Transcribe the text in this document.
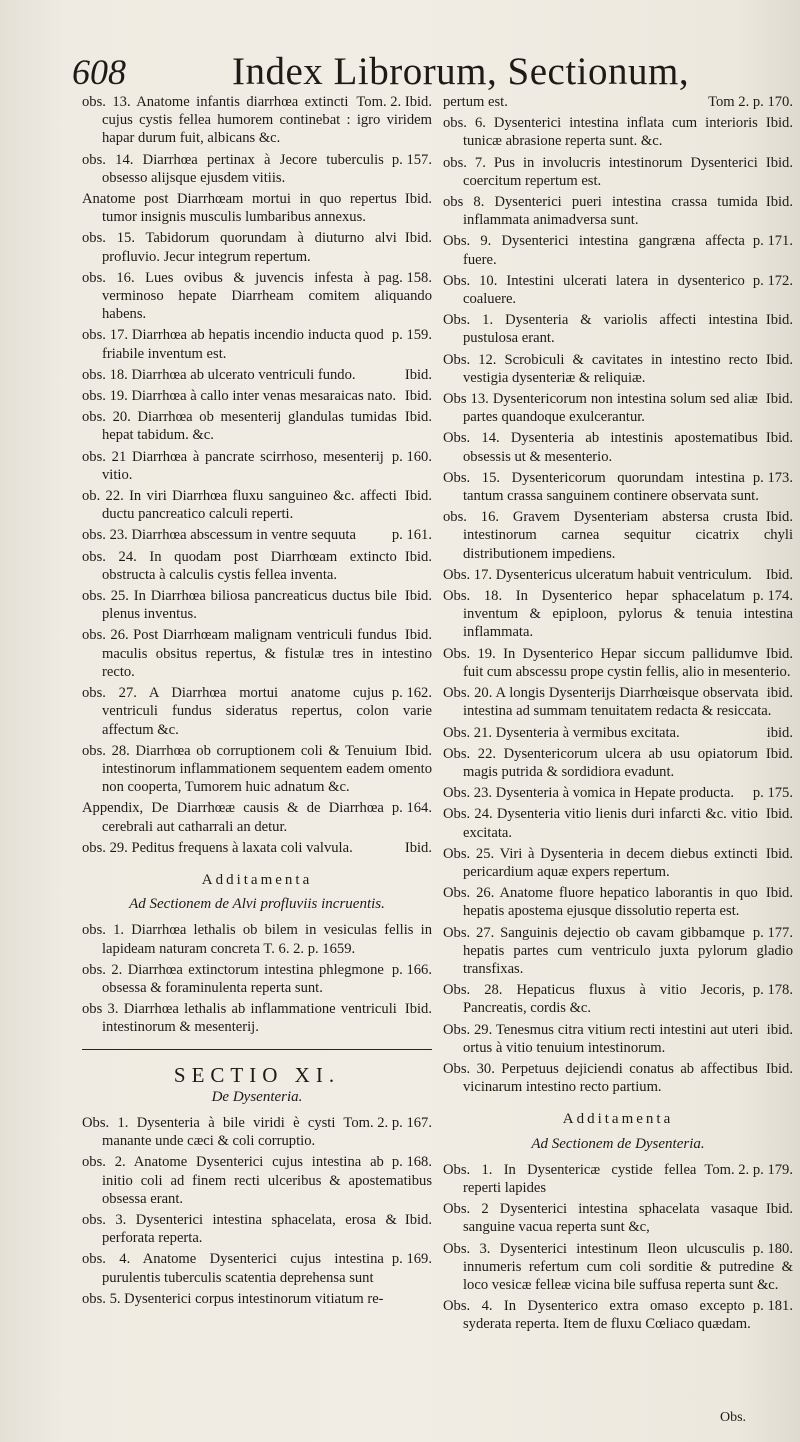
608	Index Librorum, Sectionum,
Tom. 2. Ibid.
obs. 13. Anatome infantis diarrhœa extincti cujus cystis fellea humorem continebat : igro viridem hapar durum fuit, albicans &c.
p. 157.
obs. 14. Diarrhœa pertinax à Jecore tuberculis obsesso alijsque ejusdem vitiis.
Ibid.
Anatome post Diarrhœam mortui in quo repertus tumor insignis musculis lumbaribus annexus.
Ibid.
obs. 15. Tabidorum quorundam à diuturno alvi profluvio. Jecur integrum repertum.
pag. 158.
obs. 16. Lues ovibus & juvencis infesta à verminoso hepate Diarrheam comitem aliquando habens.
p. 159.
obs. 17. Diarrhœa ab hepatis incendio inducta quod friabile inventum est.
Ibid.
obs. 18. Diarrhœa ab ulcerato ventriculi fundo.
Ibid.
obs. 19. Diarrhœa à callo inter venas mesaraicas nato.
Ibid.
obs. 20. Diarrhœa ob mesenterij glandulas tumidas hepat tabidum. &c.
p. 160.
obs. 21 Diarrhœa à pancrate scirrhoso, mesenterij vitio.
Ibid.
ob. 22. In viri Diarrhœa fluxu sanguineo &c. affecti ductu pancreatico calculi reperti.
p. 161.
obs. 23. Diarrhœa abscessum in ventre sequuta
Ibid.
obs. 24. In quodam post Diarrhœam extincto obstructa à calculis cystis fellea inventa.
Ibid.
obs. 25. In Diarrhœa biliosa pancreaticus ductus bile plenus inventus.
Ibid.
obs. 26. Post Diarrhœam malignam ventriculi fundus maculis obsitus repertus, & fistulæ tres in intestino recto.
p. 162.
obs. 27. A Diarrhœa mortui anatome cujus ventriculi fundus sideratus repertus, colon varie affectum &c.
Ibid.
obs. 28. Diarrhœa ob corruptionem coli & Tenuium intestinorum inflammationem sequentem eadem omento non cooperta, Tumorem huic adnatum &c.
p. 164.
Appendix, De Diarrhœæ causis & de Diarrhœa cerebrali aut catharrali an detur.
Ibid.
obs. 29. Peditus frequens à laxata coli valvula.
Additamenta
Ad Sectionem de Alvi profluviis incruentis.
obs. 1. Diarrhœa lethalis ob bilem in vesiculas fellis in lapideam naturam concreta T. 6. 2. p. 1659.
p. 166.
obs. 2. Diarrhœa extinctorum intestina phlegmone obsessa & foraminulenta reperta sunt.
Ibid.
obs 3. Diarrhœa lethalis ab inflammatione ventriculi intestinorum & mesenterij.
SECTIO XI.
De Dysenteria.
Tom. 2. p. 167.
Obs. 1. Dysenteria à bile viridi è cysti manante unde cæci & coli corruptio.
p. 168.
obs. 2. Anatome Dysenterici cujus intestina ab initio coli ad finem recti ulceribus & apostematibus obsessa erant.
Ibid.
obs. 3. Dysenterici intestina sphacelata, erosa & perforata reperta.
p. 169.
obs. 4. Anatome Dysenterici cujus intestina purulentis tuberculis scatentia deprehensa sunt
obs. 5. Dysenterici corpus intestinorum vitiatum re-
Tom 2. p. 170.
pertum est.
Ibid.
obs. 6. Dysenterici intestina inflata cum interioris tunicæ abrasione reperta sunt. &c.
Ibid.
obs. 7. Pus in involucris intestinorum Dysenterici coercitum repertum est.
Ibid.
obs 8. Dysenterici pueri intestina crassa tumida inflammata animadversa sunt.
p. 171.
Obs. 9. Dysenterici intestina gangræna affecta fuere.
p. 172.
Obs. 10. Intestini ulcerati latera in dysenterico coaluere.
Ibid.
Obs. 1. Dysenteria & variolis affecti intestina pustulosa erant.
Ibid.
Obs. 12. Scrobiculi & cavitates in intestino recto vestigia dysenteriæ & reliquiæ.
Ibid.
Obs 13. Dysentericorum non intestina solum sed aliæ partes quandoque exulcerantur.
Ibid.
Obs. 14. Dysenteria ab intestinis apostematibus obsessis ut & mesenterio.
p. 173.
Obs. 15. Dysentericorum quorundam intestina tantum crassa sanguinem continere observata sunt.
Ibid.
obs. 16. Gravem Dysenteriam abstersa crusta intestinorum carnea sequitur cicatrix chyli distributionem impediens.
Ibid.
Obs. 17. Dysentericus ulceratum habuit ventriculum.
p. 174.
Obs. 18. In Dysenterico hepar sphacelatum inventum & epiploon, pylorus & tenuia intestina inflammata.
Ibid.
Obs. 19. In Dysenterico Hepar siccum pallidumve fuit cum abscessu prope cystin fellis, alio in mesenterio.
ibid.
Obs. 20. A longis Dysenterijs Diarrhœisque observata intestina ad summam tenuitatem redacta & resiccata.
ibid.
Obs. 21. Dysenteria à vermibus excitata.
Ibid.
Obs. 22. Dysentericorum ulcera ab usu opiatorum magis putrida & sordidiora evadunt.
p. 175.
Obs. 23. Dysenteria à vomica in Hepate producta.
Ibid.
Obs. 24. Dysenteria vitio lienis duri infarcti &c. vitio excitata.
Ibid.
Obs. 25. Viri à Dysenteria in decem diebus extincti pericardium aquæ expers repertum.
Ibid.
Obs. 26. Anatome fluore hepatico laborantis in quo hepatis apostema ejusque dissolutio reperta est.
p. 177.
Obs. 27. Sanguinis dejectio ob cavam gibbamque hepatis partes cum ventriculo juxta pylorum gladio transfixas.
p. 178.
Obs. 28. Hepaticus fluxus à vitio Jecoris, Pancreatis, cordis &c.
ibid.
Obs. 29. Tenesmus citra vitium recti intestini aut uteri ortus à vitio tenuium intestinorum.
Ibid.
Obs. 30. Perpetuus dejiciendi conatus ab affectibus vicinarum intestino recto partium.
Additamenta
Ad Sectionem de Dysenteria.
Tom. 2. p. 179.
Obs. 1. In Dysentericæ cystide fellea reperti lapides
Ibid.
Obs. 2 Dysenterici intestina sphacelata vasaque sanguine vacua reperta sunt &c,
p. 180.
Obs. 3. Dysenterici intestinum Ileon ulcusculis innumeris refertum cum coli sorditie & putredine & loco vesicæ felleæ vicina bile suffusa reperta sunt &c.
p. 181.
Obs. 4. In Dysenterico extra omaso excepto syderata reperta. Item de fluxu Cœliaco quædam.
Obs.
